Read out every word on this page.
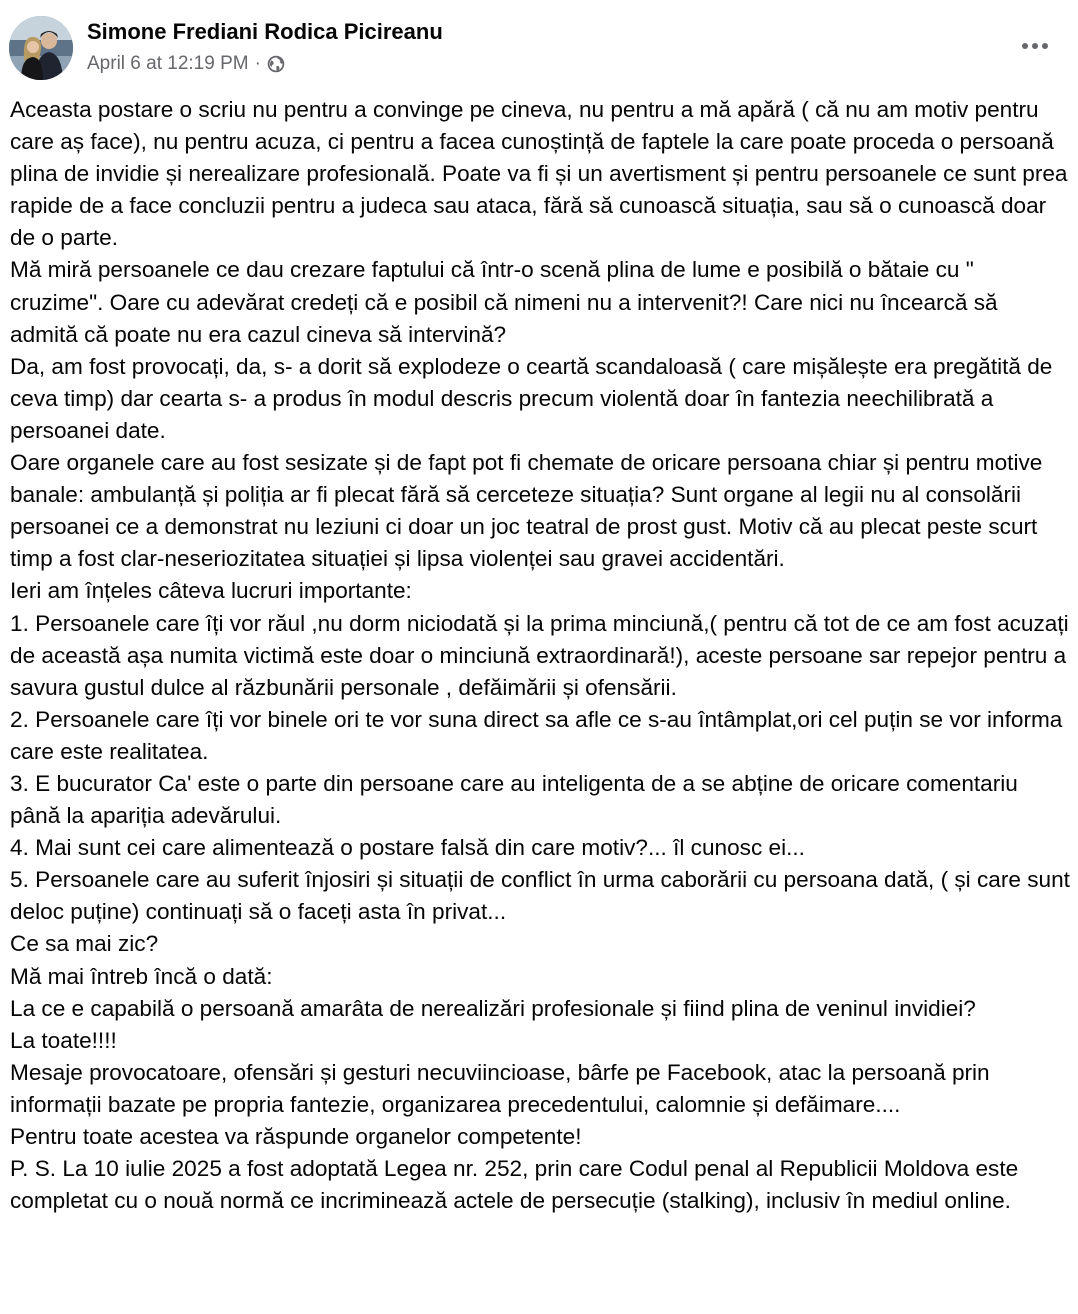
Simone Frediani Rodica Picireanu
April 6 at 12:19 PM ·

Aceasta postare o scriu nu pentru a convinge pe cineva, nu pentru a mă apără ( că nu am motiv pentru care aș face), nu pentru acuza, ci pentru a facea cunoștință de faptele la care poate proceda o persoană plina de invidie și nerealizare profesională. Poate va fi și un avertisment și pentru persoanele ce sunt prea rapide de a face concluzii pentru a judeca sau ataca, fără să cunoască situația, sau să o cunoască doar de o parte.

Mă miră persoanele ce dau crezare faptului că într-o scenă plina de lume e posibilă o bătaie cu " cruzime". Oare cu adevărat credeți că e posibil că nimeni nu a intervenit?! Care nici nu încearcă să admită că poate nu era cazul cineva să intervină?

Da, am fost provocați, da, s- a dorit să explodeze o ceartă scandaloasă ( care mișălește era pregătită de ceva timp) dar cearta s- a produs în modul descris precum violentă doar în fantezia neechilibrată a persoanei date.

Oare organele care au fost sesizate și de fapt pot fi chemate de oricare persoana chiar și pentru motive banale: ambulanță și poliția ar fi plecat fără să cerceteze situația? Sunt organe al legii nu al consolării persoanei ce a demonstrat nu leziuni ci doar un joc teatral de prost gust. Motiv că au plecat peste scurt timp a fost clar-neseriozitatea situației și lipsa violenței sau gravei accidentări.

Ieri am înțeles câteva lucruri importante:

1. Persoanele care îți vor răul ,nu dorm niciodată și la prima minciună,( pentru că tot de ce am fost acuzați de această așa numita victimă este doar o minciună extraordinară!), aceste persoane sar repejor pentru a savura gustul dulce al răzbunării personale , defăimării și ofensării.

2. Persoanele care îți vor binele ori te vor suna direct sa afle ce s-au întâmplat,ori cel puțin se vor informa care este realitatea.

3. E bucurator Ca' este o parte din persoane care au inteligenta de a se abține de oricare comentariu până la apariția adevărului.

4. Mai sunt cei care alimentează o postare falsă din care motiv?... îl cunosc ei...

5. Persoanele care au suferit înjosiri și situații de conflict în urma caborării cu persoana dată, ( și care sunt deloc puține) continuați să o faceți asta în privat...

Ce sa mai zic?

Mă mai întreb încă o dată:

La ce e capabilă o persoană amarâta de nerealizări profesionale și fiind plina de veninul invidiei?

La toate!!!!

Mesaje provocatoare, ofensări și gesturi necuviincioase, bârfe pe Facebook, atac la persoană prin informații bazate pe propria fantezie, organizarea precedentului, calomnie și defăimare....

Pentru toate acestea va răspunde organelor competente!

P. S. La 10 iulie 2025 a fost adoptată Legea nr. 252, prin care Codul penal al Republicii Moldova este completat cu o nouă normă ce incriminează actele de persecuție (stalking), inclusiv în mediul online.
